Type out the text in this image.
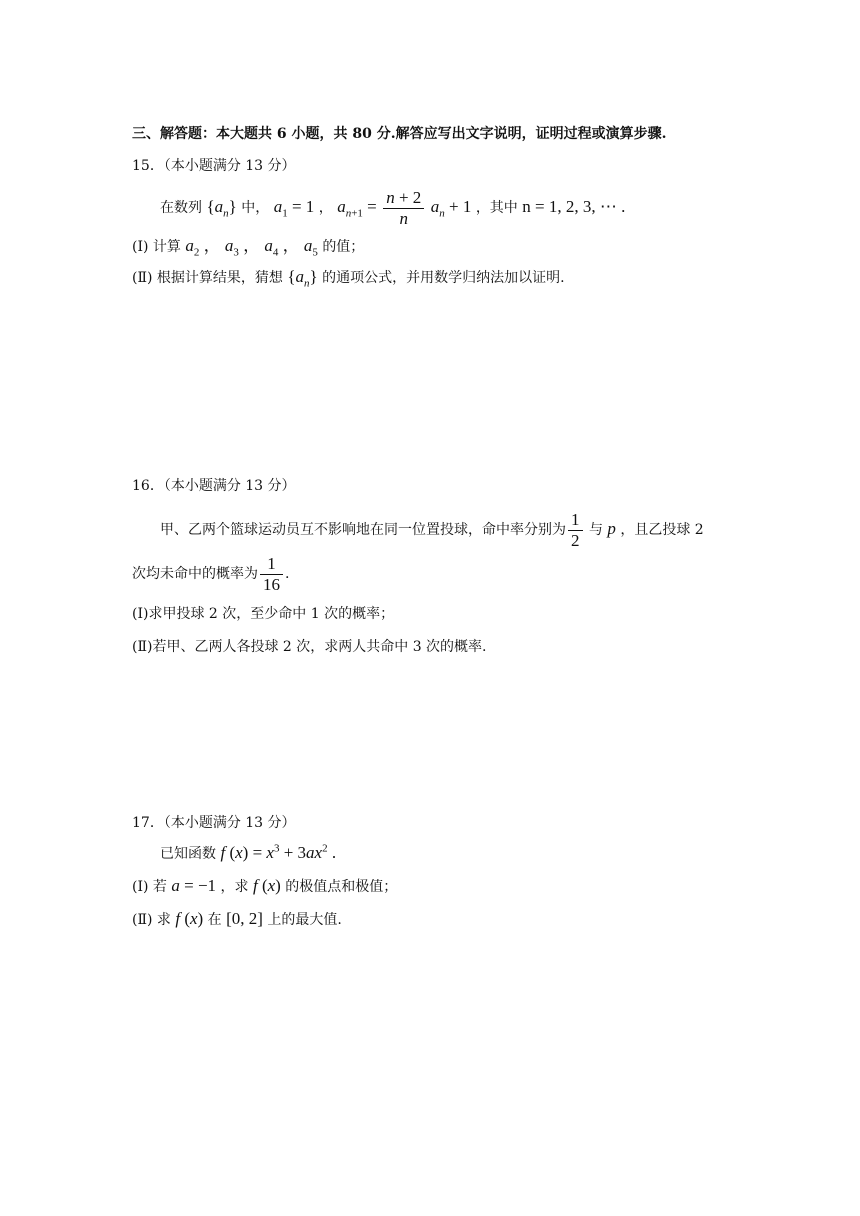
三、解答题：本大题共 6 小题，共 80 分.解答应写出文字说明，证明过程或演算步骤.
15．（本小题满分 13 分）
在数列 $\{a_n\}$ 中， $a_1 = 1$ ， $a_{n+1} = \frac{n + 2}{n} a_n + 1$ ，其中 n = 1, 2, 3, ⋯ .
(Ⅰ) 计算 $a_2$ ， $a_3$ ， $a_4$ ， $a_5$ 的值；
(Ⅱ) 根据计算结果，猜想 $\{a_n\}$ 的通项公式，并用数学归纳法加以证明.
16．（本小题满分 13 分）
甲、乙两个篮球运动员互不影响地在同一位置投球，命中率分别为 $\frac{1}{2}$ 与 p ，且乙投球 2
次均未命中的概率为 $\frac{1}{16}$ .
(Ⅰ)求甲投球 2 次，至少命中 1 次的概率；
(Ⅱ)若甲、乙两人各投球 2 次，求两人共命中 3 次的概率.
17．（本小题满分 13 分）
已知函数 f $(x) = x^3 + 3ax^2$ .
(Ⅰ) 若 a = −1 ，求 f (x) 的极值点和极值；
(Ⅱ) 求 f (x) 在 [0, 2] 上的最大值.
